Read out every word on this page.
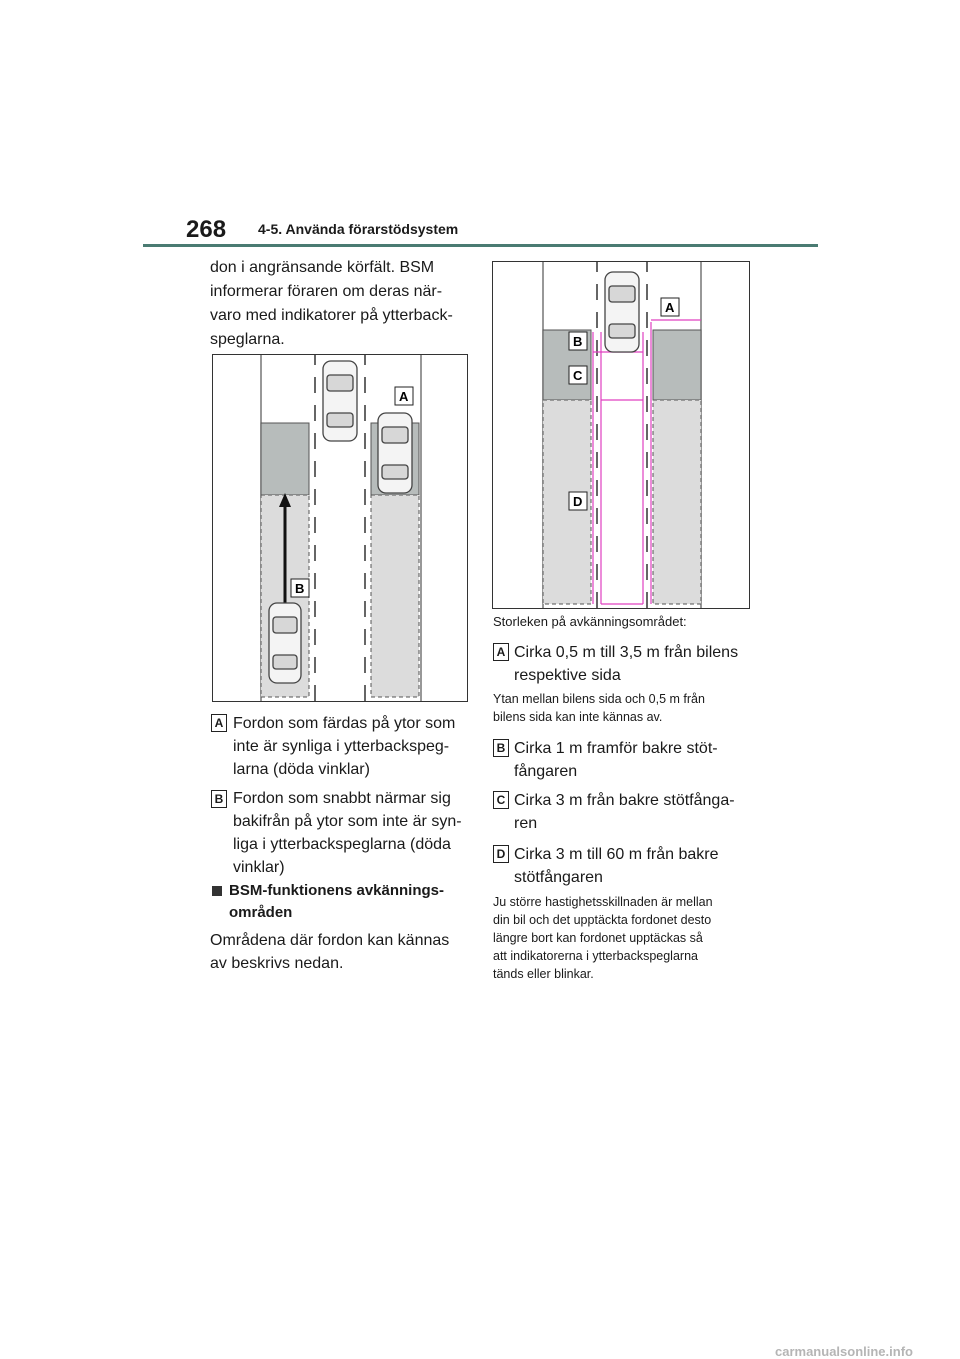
268 4-5. Använda förarstödsystem
don i angränsande körfält. BSM
informerar föraren om deras när-
varo med indikatorer på ytterback-
speglarna.
A
B
A Fordon som färdas på ytor som
inte är synliga i ytterbackspeg-
larna (döda vinklar)
B Fordon som snabbt närmar sig
bakifrån på ytor som inte är syn-
liga i ytterbackspeglarna (döda
vinklar)
BSM-funktionens avkännings-
områden
Områdena där fordon kan kännas
av beskrivs nedan.
A
B
C
D
Storleken på avkänningsområdet:
A Cirka 0,5 m till 3,5 m från bilens
respektive sida
Ytan mellan bilens sida och 0,5 m från
bilens sida kan inte kännas av.
B Cirka 1 m framför bakre stöt-
fångaren
C Cirka 3 m från bakre stötfånga-
ren
D Cirka 3 m till 60 m från bakre
stötfångaren
Ju större hastighetsskillnaden är mellan
din bil och det upptäckta fordonet desto
längre bort kan fordonet upptäckas så
att indikatorerna i ytterbackspeglarna
tänds eller blinkar.
carmanualsonline.info
